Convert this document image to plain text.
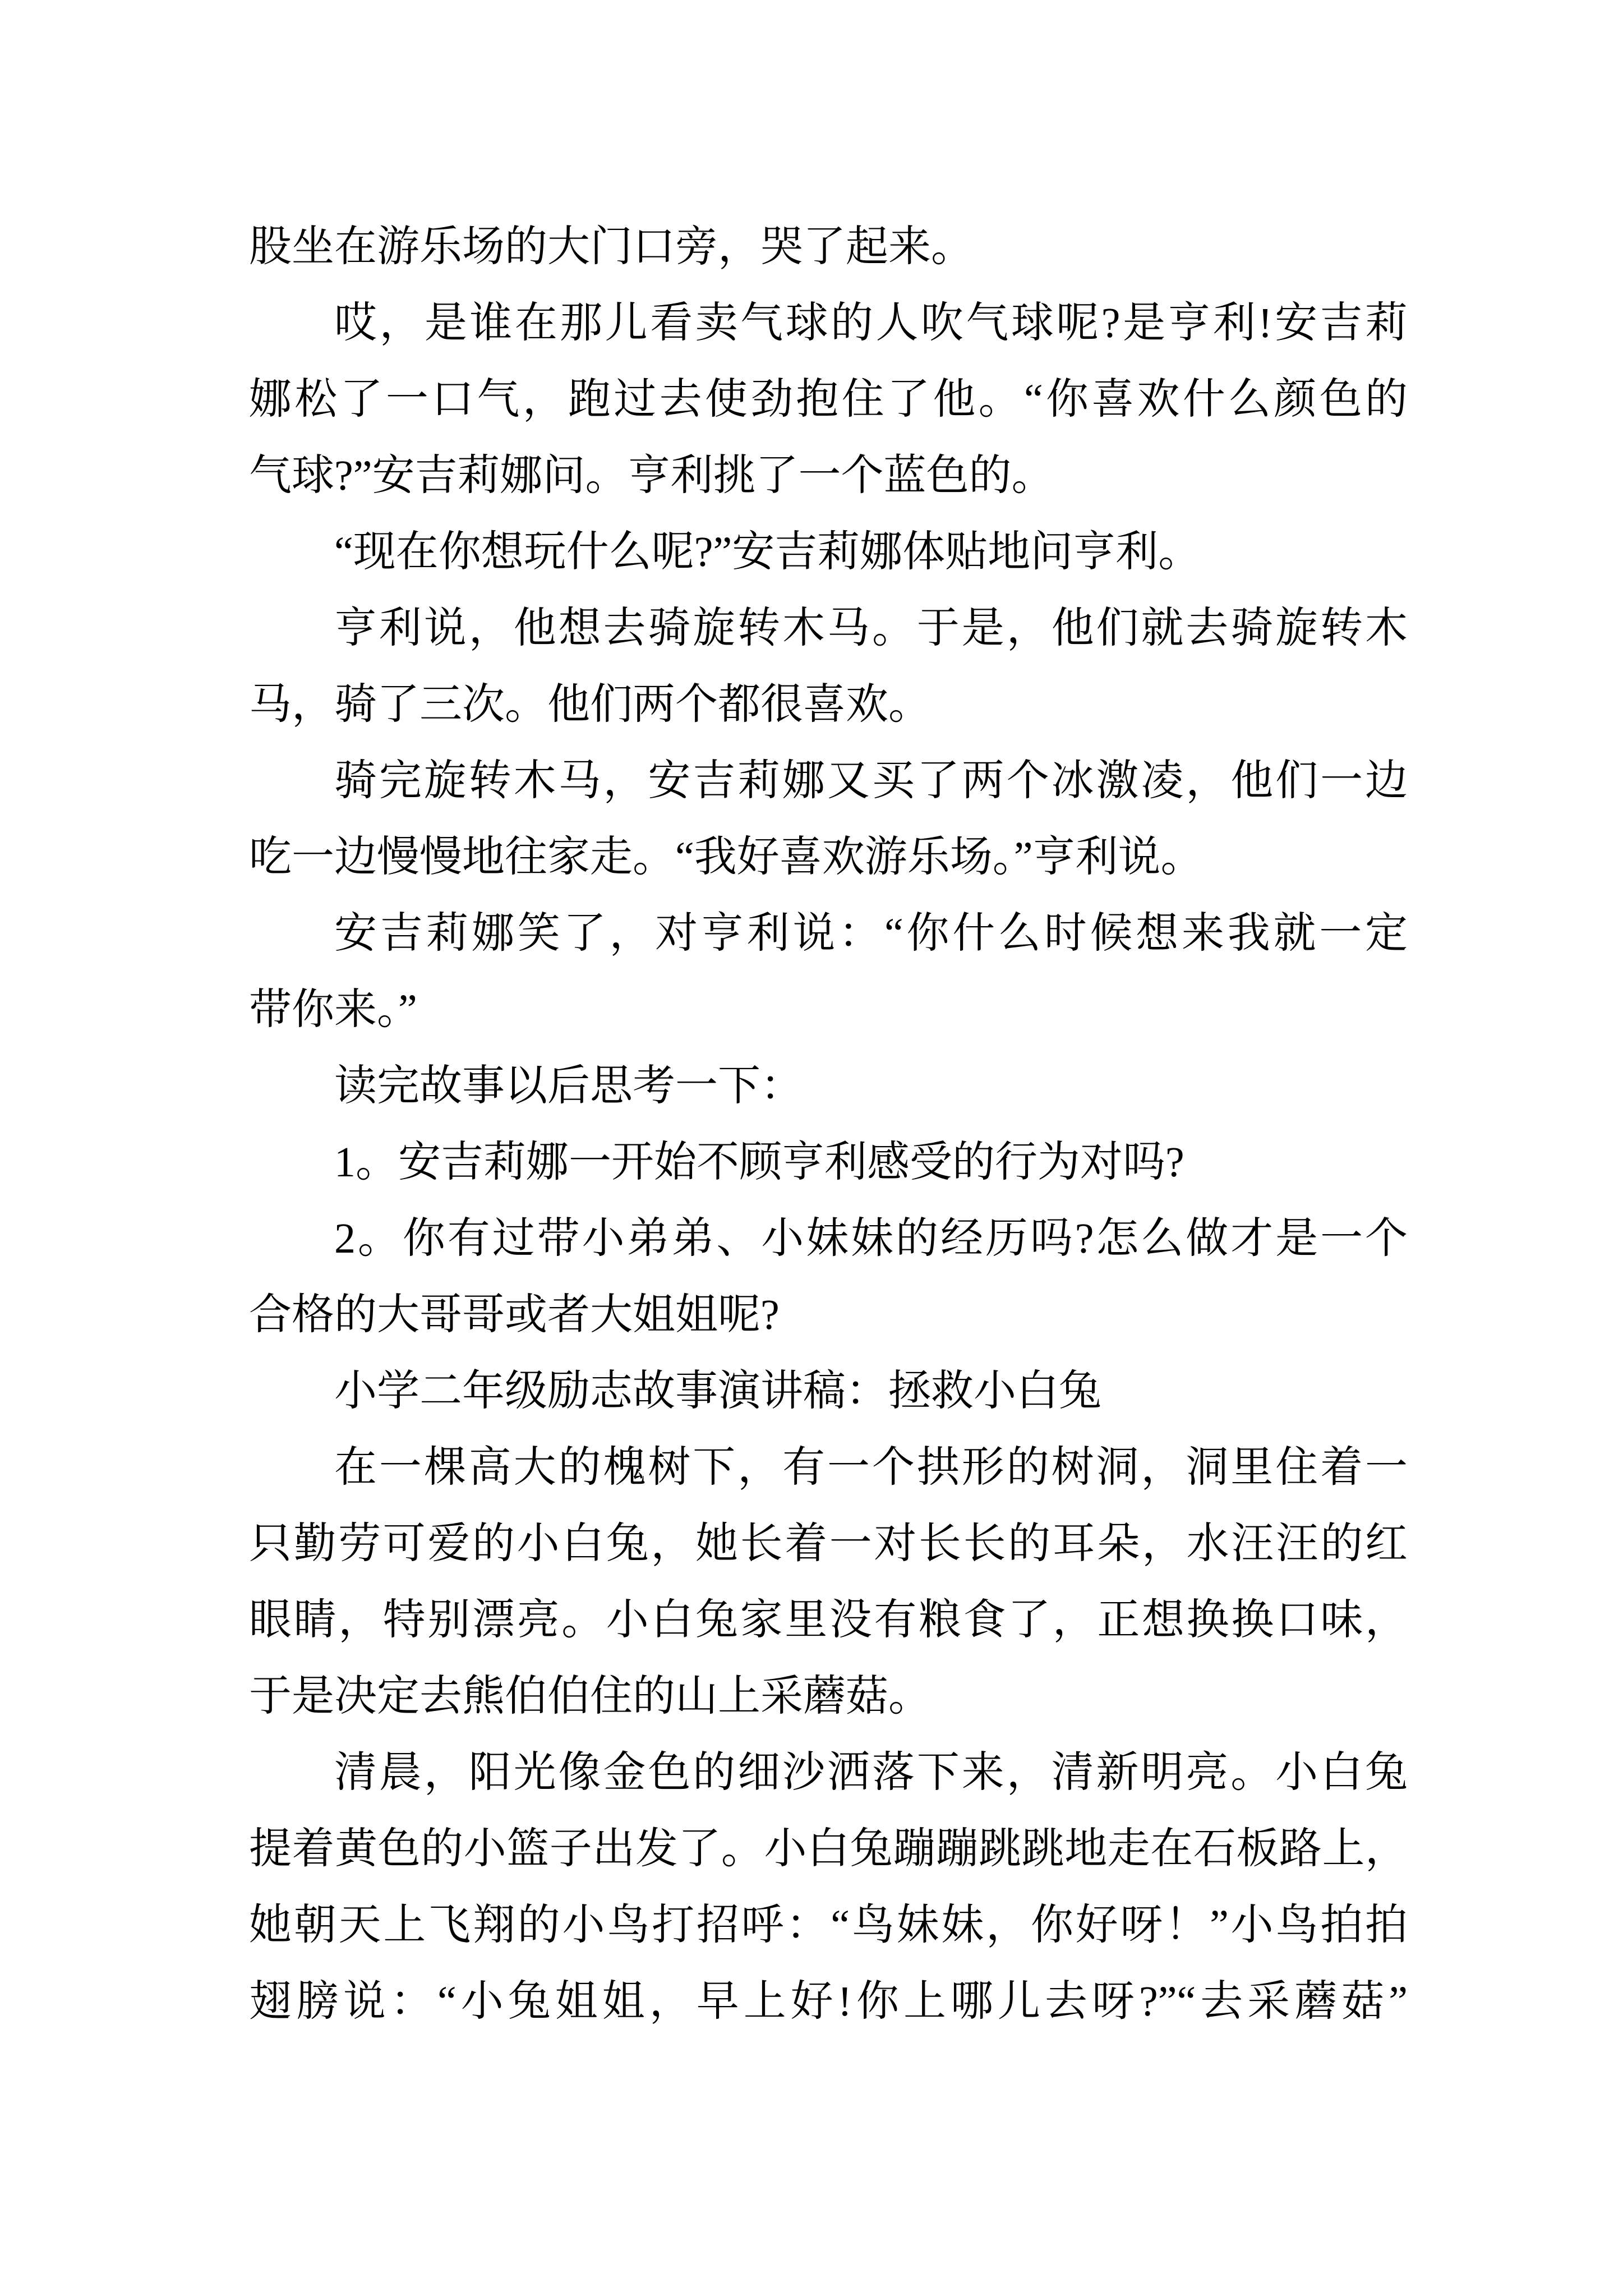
股坐在游乐场的大门口旁，哭了起来。
哎，是谁在那儿看卖气球的人吹气球呢?是亨利!安吉莉
娜松了一口气，跑过去使劲抱住了他。“你喜欢什么颜色的
气球?”安吉莉娜问。亨利挑了一个蓝色的。
“现在你想玩什么呢?”安吉莉娜体贴地问亨利。
亨利说，他想去骑旋转木马。于是，他们就去骑旋转木
马，骑了三次。他们两个都很喜欢。
骑完旋转木马，安吉莉娜又买了两个冰激凌，他们一边
吃一边慢慢地往家走。“我好喜欢游乐场。”亨利说。
安吉莉娜笑了，对亨利说：“你什么时候想来我就一定
带你来。”
读完故事以后思考一下：
1。安吉莉娜一开始不顾亨利感受的行为对吗?
2。你有过带小弟弟、小妹妹的经历吗?怎么做才是一个
合格的大哥哥或者大姐姐呢?
小学二年级励志故事演讲稿：拯救小白兔
在一棵高大的槐树下，有一个拱形的树洞，洞里住着一
只勤劳可爱的小白兔，她长着一对长长的耳朵，水汪汪的红
眼睛，特别漂亮。小白兔家里没有粮食了，正想换换口味，
于是决定去熊伯伯住的山上采蘑菇。
清晨，阳光像金色的细沙洒落下来，清新明亮。小白兔
提着黄色的小篮子出发了。小白兔蹦蹦跳跳地走在石板路上，
她朝天上飞翔的小鸟打招呼：“鸟妹妹，你好呀！”小鸟拍拍
翅膀说：“小兔姐姐，早上好!你上哪儿去呀?”“去采蘑菇”
